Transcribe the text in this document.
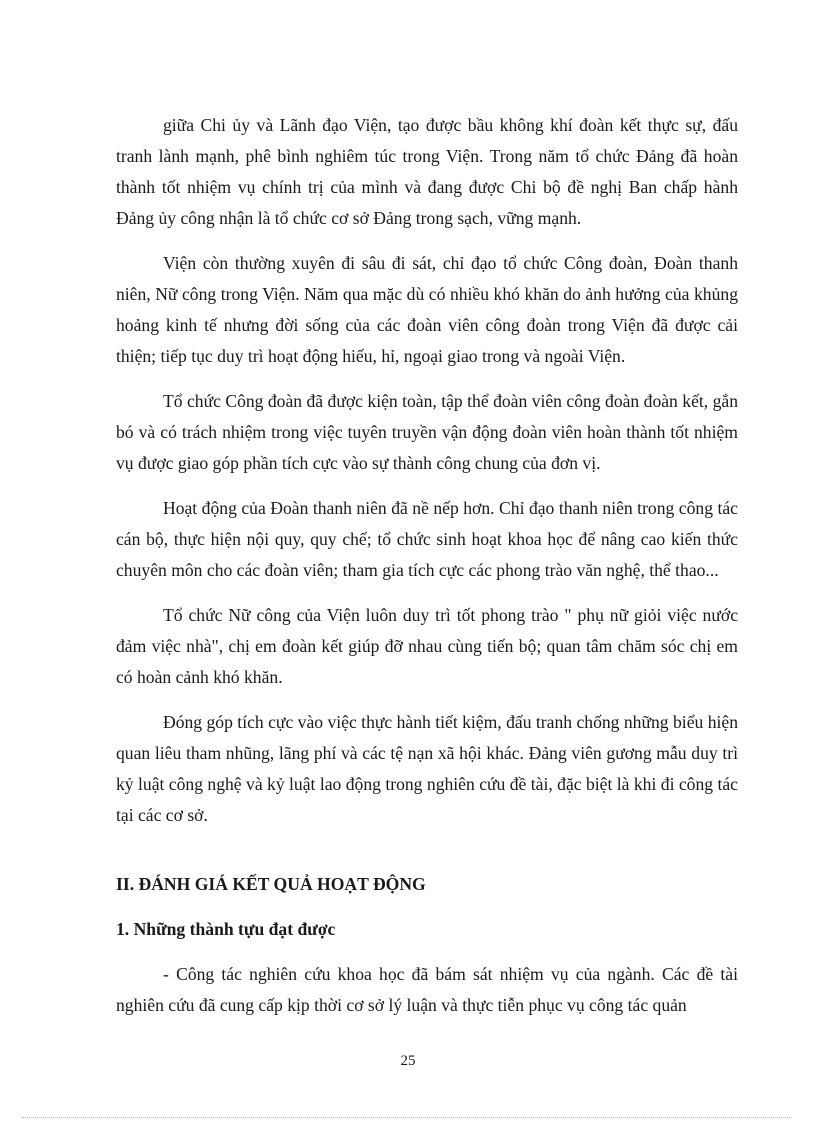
giữa Chi ủy và Lãnh đạo Viện, tạo được bầu không khí đoàn kết thực sự, đấu tranh lành mạnh, phê bình nghiêm túc trong Viện. Trong năm tổ chức Đảng đã hoàn thành tốt nhiệm vụ chính trị của mình và đang được Chi bộ đề nghị Ban chấp hành Đảng ủy công nhận là tổ chức cơ sở Đảng trong sạch, vững mạnh.

Viện còn thường xuyên đi sâu đi sát, chỉ đạo tổ chức Công đoàn, Đoàn thanh niên, Nữ công trong Viện. Năm qua mặc dù có nhiều khó khăn do ảnh hưởng của khủng hoảng kinh tế nhưng đời sống của các đoàn viên công đoàn trong Viện đã được cải thiện; tiếp tục duy trì hoạt động hiếu, hỉ, ngoại giao trong và ngoài Viện.

Tổ chức Công đoàn đã được kiện toàn, tập thể đoàn viên công đoàn đoàn kết, gắn bó và có trách nhiệm trong việc tuyên truyền vận động đoàn viên hoàn thành tốt nhiệm vụ được giao góp phần tích cực vào sự thành công chung của đơn vị.

Hoạt động của Đoàn thanh niên đã nề nếp hơn. Chỉ đạo thanh niên trong công tác cán bộ, thực hiện nội quy, quy chế; tổ chức sinh hoạt khoa học để nâng cao kiến thức chuyên môn cho các đoàn viên; tham gia tích cực các phong trào văn nghệ, thể thao...

Tổ chức Nữ công của Viện luôn duy trì tốt phong trào " phụ nữ giỏi việc nước đảm việc nhà", chị em đoàn kết giúp đỡ nhau cùng tiến bộ; quan tâm chăm sóc chị em có hoàn cảnh khó khăn.

Đóng góp tích cực vào việc thực hành tiết kiệm, đấu tranh chống những biểu hiện quan liêu tham nhũng, lãng phí và các tệ nạn xã hội khác. Đảng viên gương mẫu duy trì kỷ luật công nghệ và kỷ luật lao động trong nghiên cứu đề tài, đặc biệt là khi đi công tác tại các cơ sở.

II. ĐÁNH GIÁ KẾT QUẢ HOẠT ĐỘNG
1. Những thành tựu đạt được

- Công tác nghiên cứu khoa học đã bám sát nhiệm vụ của ngành. Các đề tài nghiên cứu đã cung cấp kịp thời cơ sở lý luận và thực tiễn phục vụ công tác quản

25
